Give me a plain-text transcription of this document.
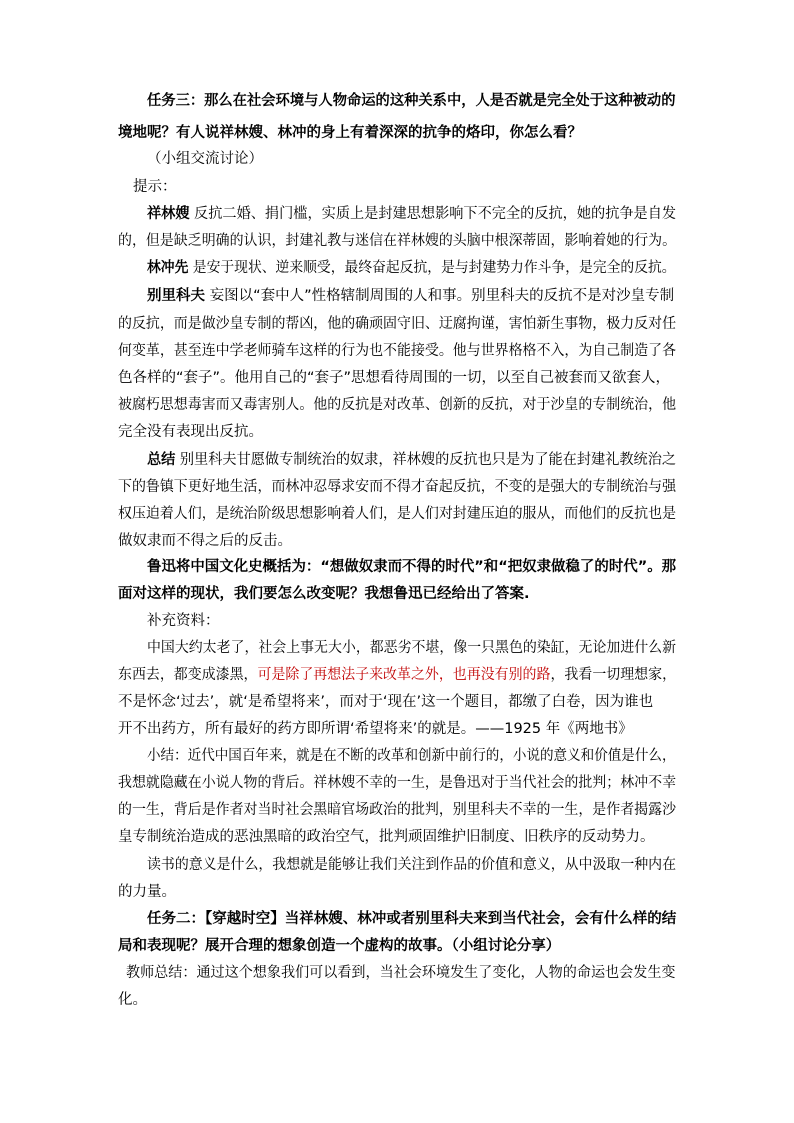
任务三：那么在社会环境与人物命运的这种关系中，人是否就是完全处于这种被动的
境地呢？有人说祥林嫂、林冲的身上有着深深的抗争的烙印，你怎么看？
（小组交流讨论）
提示：
祥林嫂 反抗二婚、捐门槛，实质上是封建思想影响下不完全的反抗，她的抗争是自发
的，但是缺乏明确的认识，封建礼教与迷信在祥林嫂的头脑中根深蒂固，影响着她的行为。
林冲先 是安于现状、逆来顺受，最终奋起反抗，是与封建势力作斗争，是完全的反抗。
别里科夫 妄图以“套中人”性格辖制周围的人和事。别里科夫的反抗不是对沙皇专制
的反抗，而是做沙皇专制的帮凶，他的确顽固守旧、迂腐拘谨，害怕新生事物，极力反对任
何变革，甚至连中学老师骑车这样的行为也不能接受。他与世界格格不入，为自己制造了各
色各样的“套子”。他用自己的“套子”思想看待周围的一切，以至自己被套而又欲套人，
被腐朽思想毒害而又毒害别人。他的反抗是对改革、创新的反抗，对于沙皇的专制统治，他
完全没有表现出反抗。
总结 别里科夫甘愿做专制统治的奴隶，祥林嫂的反抗也只是为了能在封建礼教统治之
下的鲁镇下更好地生活，而林冲忍辱求安而不得才奋起反抗，不变的是强大的专制统治与强
权压迫着人们，是统治阶级思想影响着人们，是人们对封建压迫的服从，而他们的反抗也是
做奴隶而不得之后的反击。
鲁迅将中国文化史概括为：“想做奴隶而不得的时代”和“把奴隶做稳了的时代”。那
面对这样的现状，我们要怎么改变呢？我想鲁迅已经给出了答案.
补充资料：
中国大约太老了，社会上事无大小，都恶劣不堪，像一只黑色的染缸，无论加进什么新
东西去，都变成漆黑，可是除了再想法子来改革之外，也再没有别的路，我看一切理想家，
不是怀念‘过去’，就‘是希望将来’，而对于‘现在’这一个题目，都缴了白卷，因为谁也
开不出药方，所有最好的药方即所谓‘希望将来’的就是。——1925 年《两地书》
小结：近代中国百年来，就是在不断的改革和创新中前行的，小说的意义和价值是什么，
我想就隐藏在小说人物的背后。祥林嫂不幸的一生，是鲁迅对于当代社会的批判；林冲不幸
的一生，背后是作者对当时社会黑暗官场政治的批判，别里科夫不幸的一生，是作者揭露沙
皇专制统治造成的恶浊黑暗的政治空气，批判顽固维护旧制度、旧秩序的反动势力。
读书的意义是什么，我想就是能够让我们关注到作品的价值和意义，从中汲取一种内在
的力量。
任务二：【穿越时空】当祥林嫂、林冲或者别里科夫来到当代社会，会有什么样的结
局和表现呢？展开合理的想象创造一个虚构的故事。（小组讨论分享）
教师总结：通过这个想象我们可以看到，当社会环境发生了变化，人物的命运也会发生变
化。
